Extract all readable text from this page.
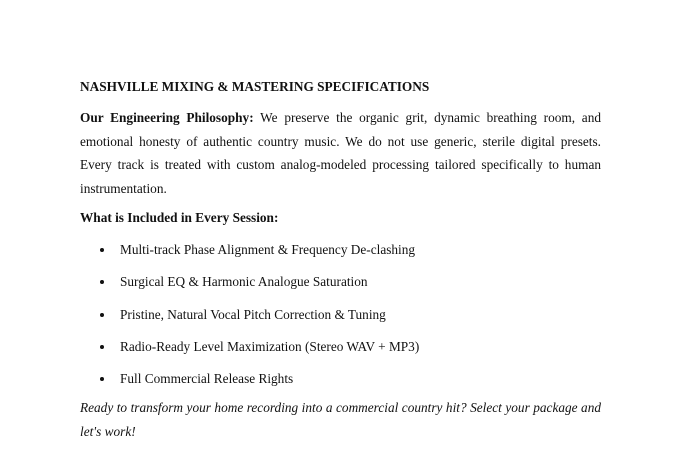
NASHVILLE MIXING & MASTERING SPECIFICATIONS

Our Engineering Philosophy: We preserve the organic grit, dynamic breathing room, and emotional honesty of authentic country music. We do not use generic, sterile digital presets. Every track is treated with custom analog-modeled processing tailored specifically to human instrumentation.

What is Included in Every Session:
Multi-track Phase Alignment & Frequency De-clashing
Surgical EQ & Harmonic Analogue Saturation
Pristine, Natural Vocal Pitch Correction & Tuning
Radio-Ready Level Maximization (Stereo WAV + MP3)
Full Commercial Release Rights

Ready to transform your home recording into a commercial country hit? Select your package and let's work!
